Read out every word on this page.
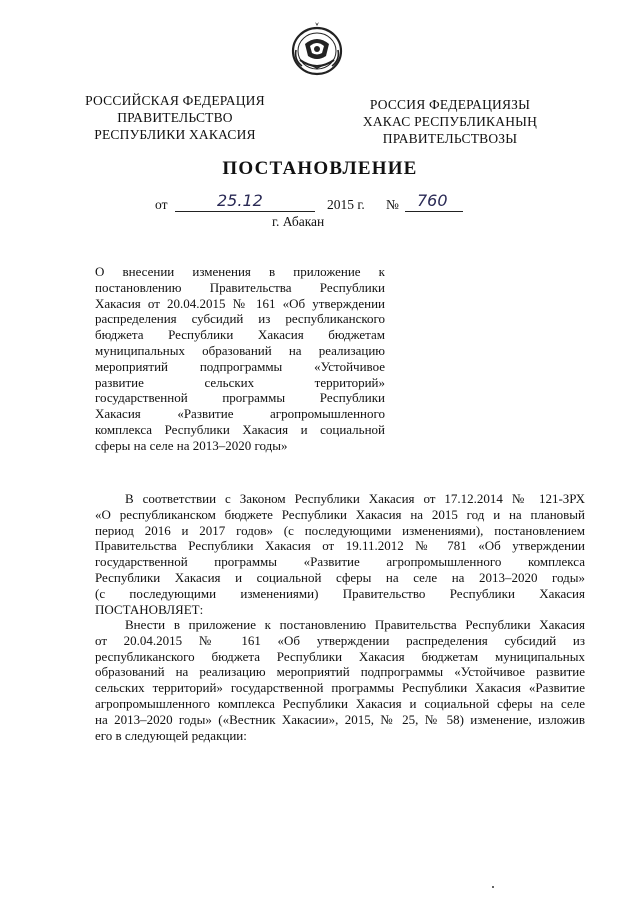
РОССИЙСКАЯ ФЕДЕРАЦИЯ
ПРАВИТЕЛЬСТВО
РЕСПУБЛИКИ ХАКАСИЯ
РОССИЯ ФЕДЕРАЦИЯЗЫ
ХАКАС РЕСПУБЛИКАНЫҢ
ПРАВИТЕЛЬСТВОЗЫ
ПОСТАНОВЛЕНИЕ
от	25.12	2015 г. № 760
г. Абакан
О внесении изменения в приложение к
постановлению Правительства Республики
Хакасия от 20.04.2015 № 161 «Об утверждении
распределения субсидий из республиканского
бюджета Республики Хакасия бюджетам
муниципальных образований на реализацию
мероприятий подпрограммы «Устойчивое
развитие сельских территорий»
государственной программы Республики
Хакасия «Развитие агропромышленного
комплекса Республики Хакасия и социальной
сферы на селе на 2013–2020 годы»
В соответствии с Законом Республики Хакасия от 17.12.2014 № 121-ЗРХ
«О республиканском бюджете Республики Хакасия на 2015 год и на плановый
период 2016 и 2017 годов» (с последующими изменениями), постановлением
Правительства Республики Хакасия от 19.11.2012 № 781 «Об утверждении
государственной программы «Развитие агропромышленного комплекса
Республики Хакасия и социальной сферы на селе на 2013–2020 годы»
(с последующими изменениями) Правительство Республики Хакасия
ПОСТАНОВЛЯЕТ:
Внести в приложение к постановлению Правительства Республики Хакасия
от 20.04.2015 № 161 «Об утверждении распределения субсидий из
республиканского бюджета Республики Хакасия бюджетам муниципальных
образований на реализацию мероприятий подпрограммы «Устойчивое развитие
сельских территорий» государственной программы Республики Хакасия «Развитие
агропромышленного комплекса Республики Хакасия и социальной сферы на селе
на 2013–2020 годы» («Вестник Хакасии», 2015, № 25, № 58) изменение, изложив
его в следующей редакции:
